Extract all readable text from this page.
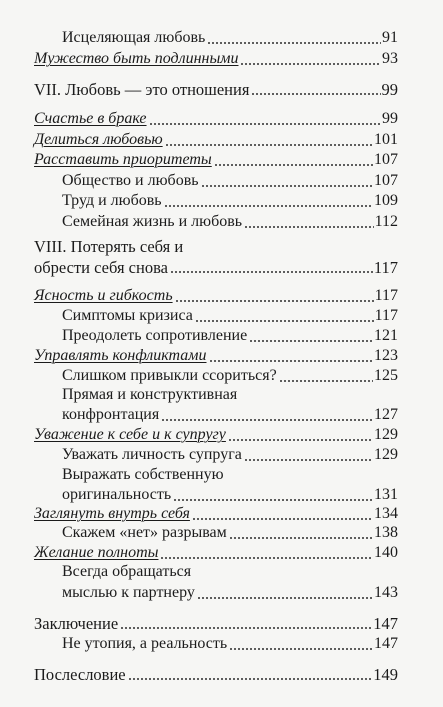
Исцеляющая любовь	91
Мужество быть подлинными	93
VII. Любовь — это отношения	99
Счастье в браке	99
Делиться любовью	101
Расставить приоритеты	107
Общество и любовь	107
Труд и любовь	109
Семейная жизнь и любовь	112
VIII. Потерять себя и
обрести себя снова	117
Ясность и гибкость	117
Симптомы кризиса	117
Преодолеть сопротивление	121
Управлять конфликтами	123
Слишком привыкли ссориться?	125
Прямая и конструктивная
конфронтация	127
Уважение к себе и к супругу	129
Уважать личность супруга	129
Выражать собственную
оригинальность	131
Заглянуть внутрь себя	134
Скажем «нет» разрывам	138
Желание полноты	140
Всегда обращаться
мыслью к партнеру	143
Заключение	147
Не утопия, а реальность	147
Послесловие	149
